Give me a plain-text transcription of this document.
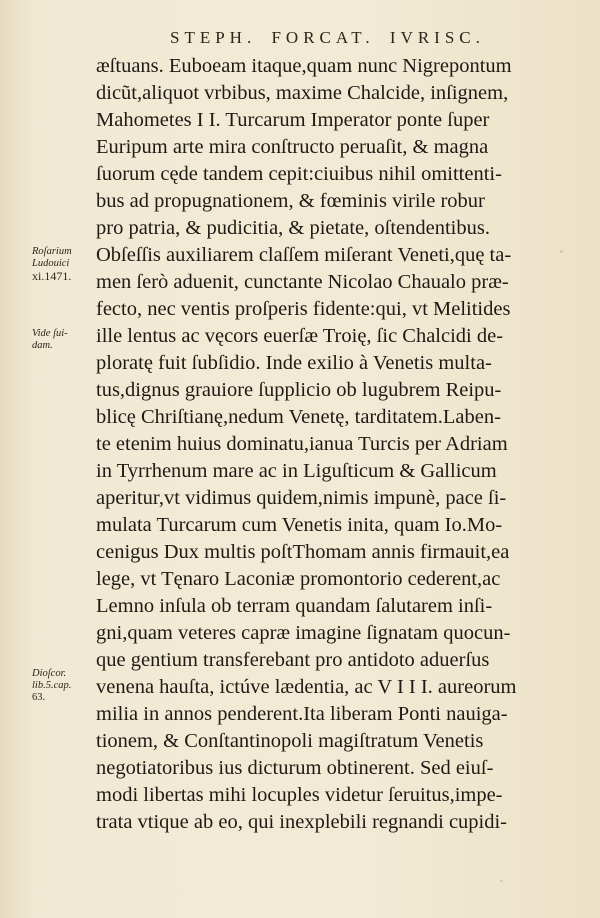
STEPH. FORCAT. IVRISC.
æſtuans. Euboeam itaque,quam nunc Nigrepontum
dicũt,aliquot vrbibus, maxime Chalcide, inſignem,
Mahometes I I. Turcarum Imperator ponte ſuper
Euripum arte mira conſtructo peruaſit, & magna
ſuorum cęde tandem cepit:ciuibus nihil omittenti-
bus ad propugnationem, & fœminis virile robur
pro patria, & pudicitia, & pietate, oſtendentibus.
Obſeſſis auxiliarem claſſem miſerant Veneti,quę ta-
men ſerò aduenit, cunctante Nicolao Chaualo præ-
fecto, nec ventis proſperis fidente:qui, vt Melitides
ille lentus ac vęcors euerſæ Troię, ſic Chalcidi de-
ploratę fuit ſubſidio. Inde exilio à Venetis multa-
tus,dignus grauiore ſupplicio ob lugubrem Reipu-
blicę Chriſtianę,nedum Venetę, tarditatem.Laben-
te etenim huius dominatu,ianua Turcis per Adriam
in Tyrrhenum mare ac in Liguſticum & Gallicum
aperitur,vt vidimus quidem,nimis impunè, pace ſi-
mulata Turcarum cum Venetis inita, quam Io.Mo-
cenigus Dux multis poſtThomam annis firmauit,ea
lege, vt Tęnaro Laconiæ promontorio cederent,ac
Lemno inſula ob terram quandam ſalutarem inſi-
gni,quam veteres capræ imagine ſignatam quocun-
que gentium transferebant pro antidoto aduerſus
venena hauſta, ictúve lædentia, ac V I I I. aureorum
milia in annos penderent.Ita liberam Ponti nauiga-
tionem, & Conſtantinopoli magiſtratum Venetis
negotiatoribus ius dicturum obtinerent. Sed eiuſ-
modi libertas mihi locuples videtur ſeruitus,impe-
trata vtique ab eo, qui inexplebili regnandi cupidi-
Roſarium
Ludouici
xi.1471.
Vide ſui-
dam.
Dioſcor.
lib.5.cap.
63.
